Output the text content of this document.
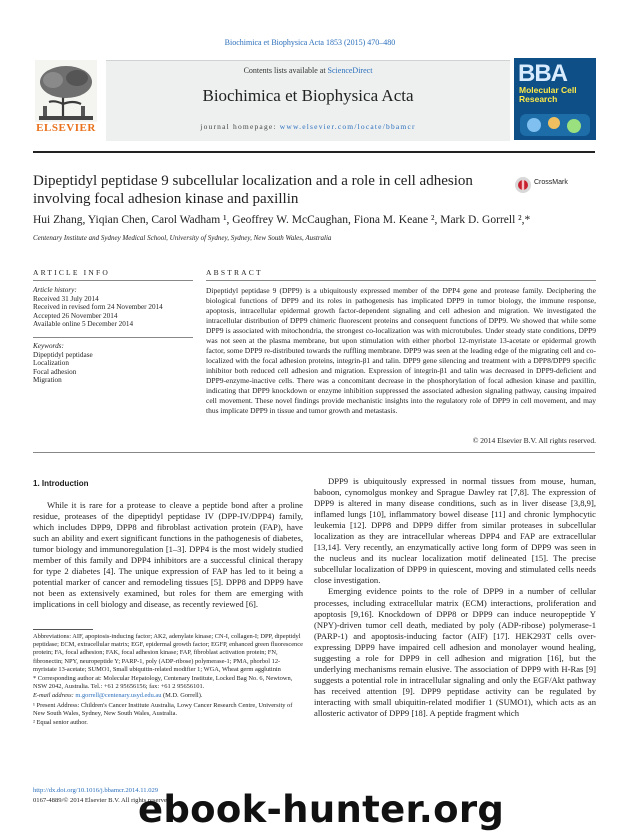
Biochimica et Biophysica Acta 1853 (2015) 470–480
ELSEVIER
Contents lists available at ScienceDirect
Biochimica et Biophysica Acta
journal homepage: www.elsevier.com/locate/bbamcr
BBA
Molecular Cell Research
Dipeptidyl peptidase 9 subcellular localization and a role in cell adhesion involving focal adhesion kinase and paxillin
CrossMark
Hui Zhang, Yiqian Chen, Carol Wadham ¹, Geoffrey W. McCaughan, Fiona M. Keane ², Mark D. Gorrell ²,*
Centenary Institute and Sydney Medical School, University of Sydney, Sydney, New South Wales, Australia
ARTICLE INFO	ABSTRACT
Article history:
Received 31 July 2014
Received in revised form 24 November 2014
Accepted 26 November 2014
Available online 5 December 2014
Keywords:
Dipeptidyl peptidase
Localization
Focal adhesion
Migration
Dipeptidyl peptidase 9 (DPP9) is a ubiquitously expressed member of the DPP4 gene and protease family. Deciphering the biological functions of DPP9 and its roles in pathogenesis has implicated DPP9 in tumor biology, the immune response, apoptosis, intracellular epidermal growth factor-dependent signaling and cell adhesion and migration. We investigated the intracellular distribution of DPP9 chimeric fluorescent proteins and consequent functions of DPP9. We showed that while some DPP9 is associated with mitochondria, the strongest co-localization was with microtubules. Under steady state conditions, DPP9 was not seen at the plasma membrane, but upon stimulation with either phorbol 12-myristate 13-acetate or epidermal growth factor, some DPP9 re-distributed towards the ruffling membrane. DPP9 was seen at the leading edge of the migrating cell and co-localized with the focal adhesion proteins, integrin-β1 and talin. DPP9 gene silencing and treatment with a DPP8/DPP9 specific inhibitor both reduced cell adhesion and migration. Expression of integrin-β1 and talin was decreased in DPP9-deficient and DPP9-enzyme-inactive cells. There was a concomitant decrease in the phosphorylation of focal adhesion kinase and paxillin, indicating that DPP9 knockdown or enzyme inhibition suppressed the associated adhesion signaling pathway, causing impaired cell movement. These novel findings provide mechanistic insights into the regulatory role of DPP9 in cell movement, and may thus implicate DPP9 in tissue and tumor growth and metastasis.
© 2014 Elsevier B.V. All rights reserved.
1. Introduction

While it is rare for a protease to cleave a peptide bond after a proline residue, proteases of the dipeptidyl peptidase IV (DPP-IV/DPP4) family, which includes DPP9, DPP8 and fibroblast activation protein (FAP), have such an ability and exert significant functions in the pathogenesis of diabetes, tumor biology and immunoregulation [1–3]. DPP4 is the most widely studied member of this family and DPP4 inhibitors are a successful clinical therapy for type 2 diabetes [4]. The unique expression of FAP has led to it being a potential marker of cancer and remodeling tissues [5]. DPP8 and DPP9 have not been as extensively examined, but roles for them are emerging with implications in cell biology and disease, as recently reviewed [6].

DPP9 is ubiquitously expressed in normal tissues from mouse, human, baboon, cynomolgus monkey and Sprague Dawley rat [7,8]. The expression of DPP9 is altered in many disease conditions, such as in liver disease [3,8,9], inflamed lungs [10], inflammatory bowel disease [11] and chronic lymphocytic leukemia [12]. DPP8 and DPP9 differ from similar proteases in subcellular localization as they are intracellular whereas DPP4 and FAP are extracellular [13,14]. Very recently, an enzymatically active long form of DPP9 was seen in the nucleus and its nuclear localization motif delineated [15]. The precise subcellular localization of DPP9 in quiescent, moving and stimulated cells needs close investigation.

Emerging evidence points to the role of DPP9 in a number of cellular processes, including extracellular matrix (ECM) interactions, proliferation and apoptosis [9,16]. Knockdown of DPP8 or DPP9 can induce neuropeptide Y (NPY)-driven tumor cell death, mediated by poly (ADP-ribose) polymerase-1 (PARP-1) and apoptosis-inducing factor (AIF) [17]. HEK293T cells over-expressing DPP9 have impaired cell adhesion and monolayer wound healing, suggesting a role for DPP9 in cell adhesion and migration [16], but the underlying mechanisms remain elusive. The association of DPP9 with H-Ras [9] suggests a potential role in intracellular signaling and only the EGF/Akt pathway has received attention [9]. DPP9 peptidase activity can be regulated by interacting with small ubiquitin-related modifier 1 (SUMO1), which acts as an allosteric activator of DPP9 [18]. A peptide fragment which

Abbreviations: AIF, apoptosis-inducing factor; AK2, adenylate kinase; CN-I, collagen-I; DPP, dipeptidyl peptidase; ECM, extracellular matrix; EGF, epidermal growth factor; EGFP, enhanced green fluorescence protein; FA, focal adhesion; FAK, focal adhesion kinase; FAP, fibroblast activation protein; FN, fibronectin; NPY, neuropeptide Y; PARP-1, poly (ADP-ribose) polymerase-1; PMA, phorbol 12-myristate 13-acetate; SUMO1, Small ubiquitin-related modifier 1; WGA, Wheat germ agglutinin

* Corresponding author at: Molecular Hepatology, Centenary Institute, Locked Bag No. 6, Newtown, NSW 2042, Australia. Tel.: +61 2 95656156; fax: +61 2 95656101.

E-mail address: m.gorrell@centenary.usyd.edu.au (M.D. Gorrell).

¹ Present Address: Children's Cancer Institute Australia, Lowy Cancer Research Centre, University of New South Wales, Sydney, New South Wales, Australia.

² Equal senior author.

http://dx.doi.org/10.1016/j.bbamcr.2014.11.029
0167-4889/© 2014 Elsevier B.V. All rights reserved.
ebook-hunter.org
